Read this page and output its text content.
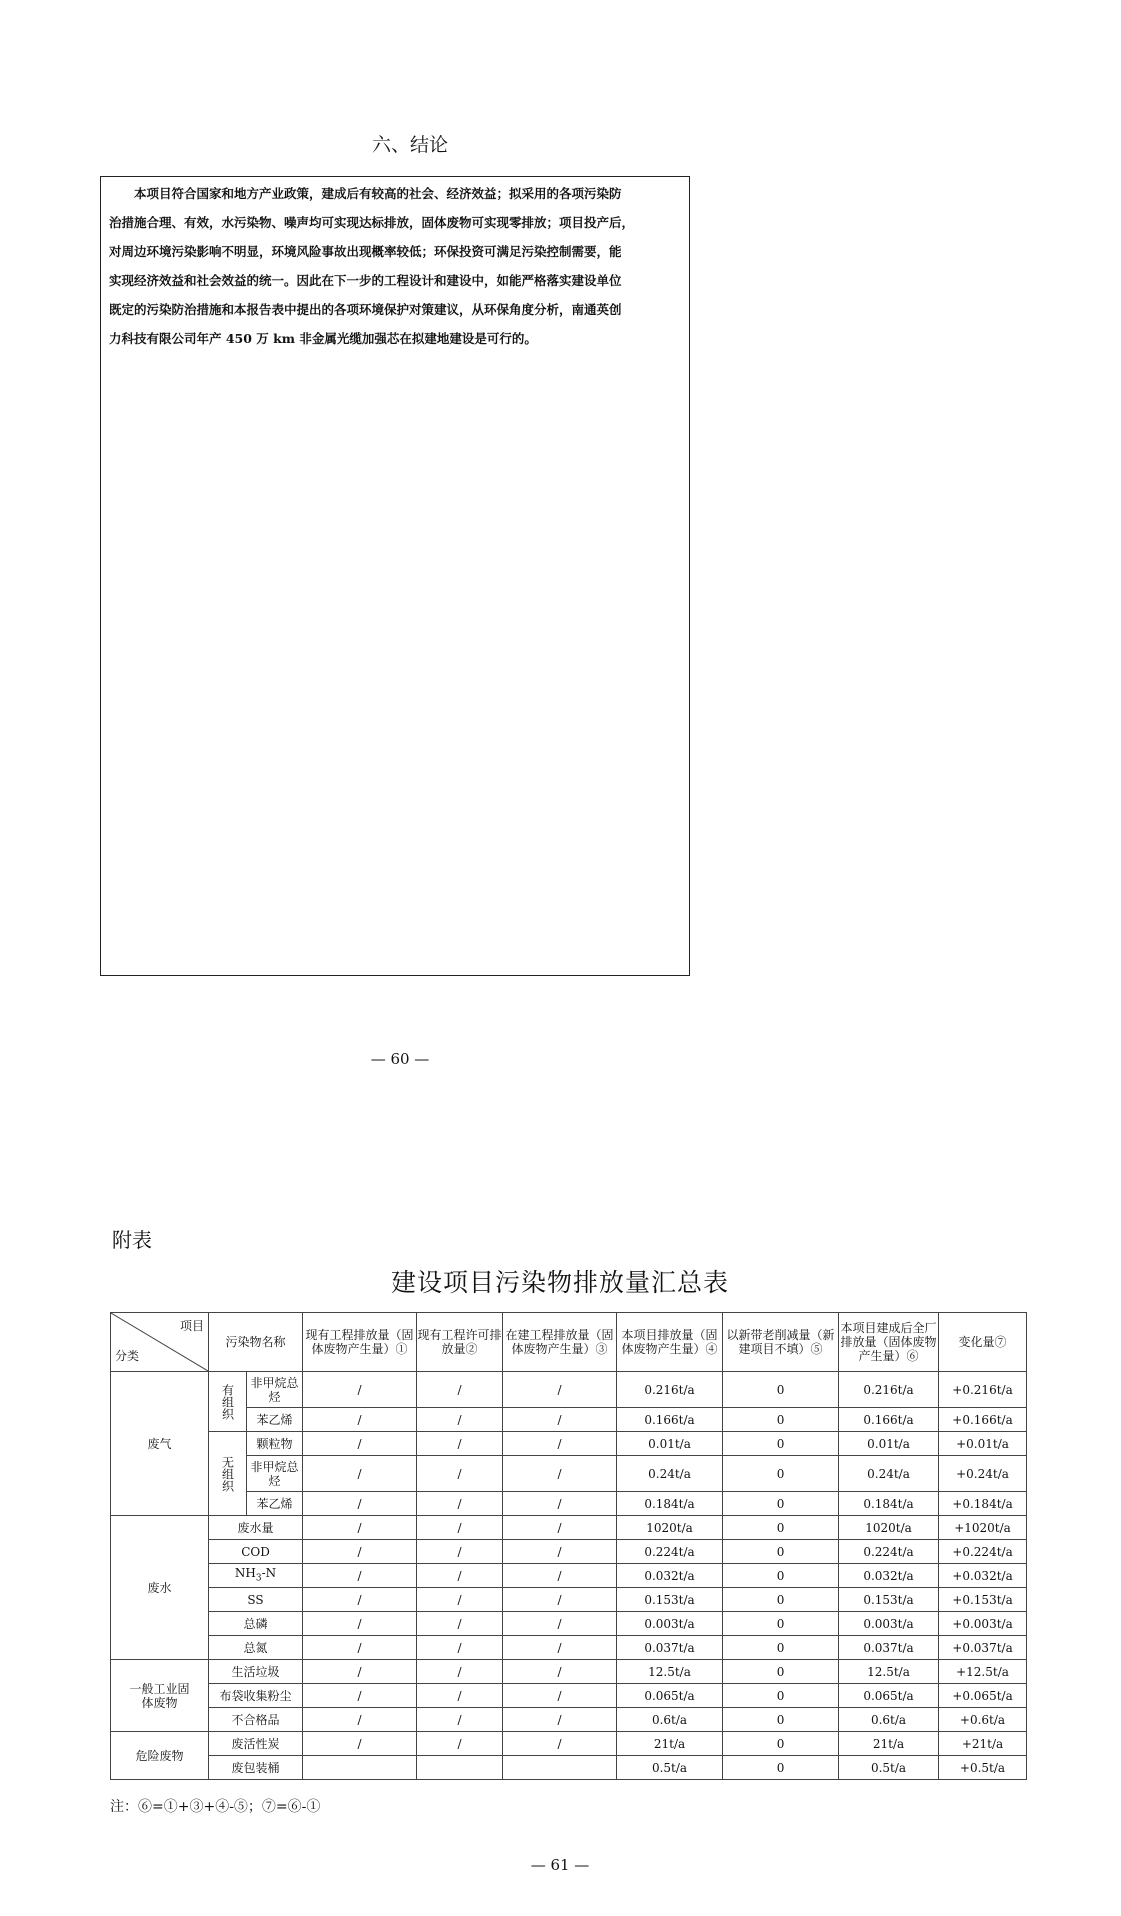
六、结论
　　本项目符合国家和地方产业政策，建成后有较高的社会、经济效益；拟采用的各项污染防
治措施合理、有效，水污染物、噪声均可实现达标排放，固体废物可实现零排放；项目投产后，
对周边环境污染影响不明显，环境风险事故出现概率较低；环保投资可满足污染控制需要，能
实现经济效益和社会效益的统一。因此在下一步的工程设计和建设中，如能严格落实建设单位
既定的污染防治措施和本报告表中提出的各项环境保护对策建议，从环保角度分析，南通英创
力科技有限公司年产 450 万 km 非金属光缆加强芯在拟建地建设是可行的。
— 60 —
附表
建设项目污染物排放量汇总表
项目
分类	污染物名称		现有工程排放量（固体废物产生量）①	现有工程许可排放量②	在建工程排放量（固体废物产生量）③	本项目排放量（固体废物产生量）④	以新带老削减量（新建项目不填）⑤	本项目建成后全厂排放量（固体废物产生量）⑥	变化量⑦
废气	有组织	非甲烷总烃	/	/	/	0.216t/a	0	0.216t/a	+0.216t/a
		苯乙烯	/	/	/	0.166t/a	0	0.166t/a	+0.166t/a
	无组织	颗粒物	/	/	/	0.01t/a	0	0.01t/a	+0.01t/a
		非甲烷总烃	/	/	/	0.24t/a	0	0.24t/a	+0.24t/a
		苯乙烯	/	/	/	0.184t/a	0	0.184t/a	+0.184t/a
废水	废水量		/	/	/	1020t/a	0	1020t/a	+1020t/a
	COD		/	/	/	0.224t/a	0	0.224t/a	+0.224t/a
	$NH_3-N$		/	/	/	0.032t/a	0	0.032t/a	+0.032t/a
	SS		/	/	/	0.153t/a	0	0.153t/a	+0.153t/a
	总磷		/	/	/	0.003t/a	0	0.003t/a	+0.003t/a
	总氮		/	/	/	0.037t/a	0	0.037t/a	+0.037t/a
一般工业固体废物	生活垃圾		/	/	/	12.5t/a	0	12.5t/a	+12.5t/a
	布袋收集粉尘		/	/	/	0.065t/a	0	0.065t/a	+0.065t/a
	不合格品		/	/	/	0.6t/a	0	0.6t/a	+0.6t/a
危险废物	废活性炭		/	/	/	21t/a	0	21t/a	+21t/a
	废包装桶					0.5t/a	0	0.5t/a	+0.5t/a
注：⑥=①+③+④-⑤；⑦=⑥-①
— 61 —
